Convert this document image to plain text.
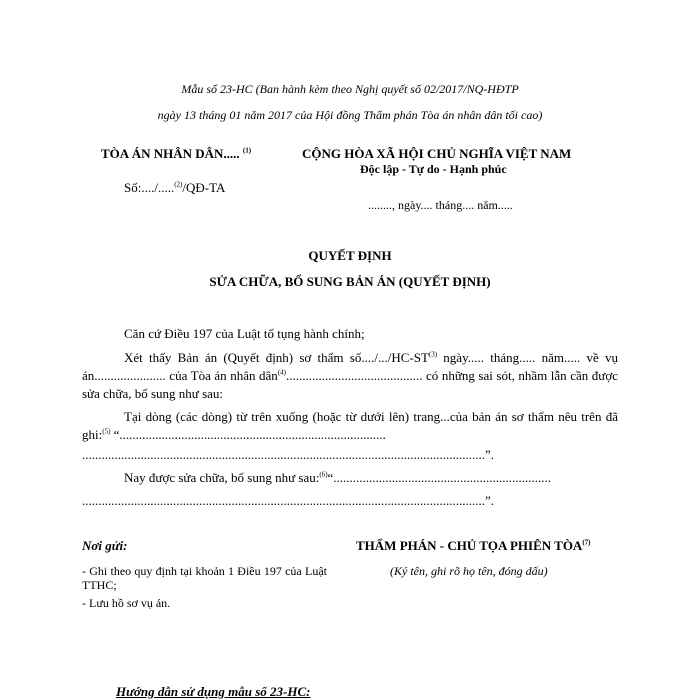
Mẫu số 23-HC (Ban hành kèm theo Nghị quyết số 02/2017/NQ-HĐTP
ngày 13 tháng 01 năm 2017 của Hội đồng Thẩm phán Tòa án nhân dân tối cao)
TÒA ÁN NHÂN DÂN..... $^{(1)}$
Số:..../.....$^{(2)}$/QĐ-TA
CỘNG HÒA XÃ HỘI CHỦ NGHĨA VIỆT NAM
Độc lập - Tự do - Hạnh phúc
........, ngày.... tháng.... năm.....
QUYẾT ĐỊNH
SỬA CHỮA, BỔ SUNG BẢN ÁN (QUYẾT ĐỊNH)
Căn cứ Điều 197 của Luật tố tụng hành chính;
Xét thấy Bản án (Quyết định) sơ thẩm số..../.../HC-ST$^{(3)}$ ngày..... tháng..... năm..... về vụ án...................... của Tòa án nhân dân$^{(4)}$.......................................... có những sai sót, nhầm lẫn cần được sửa chữa, bổ sung như sau:
Tại dòng (các dòng) từ trên xuống (hoặc từ dưới lên) trang...của bản án sơ thẩm nêu trên đã ghi:$^{(5)}$ “..................................................................................
............................................................................................................................”.
Nay được sửa chữa, bổ sung như sau:$^{(6)}$“...................................................................
............................................................................................................................”.
Nơi gửi:
- Ghi theo quy định tại khoản 1 Điều 197 của Luật TTHC;
- Lưu hồ sơ vụ án.
THẨM PHÁN - CHỦ TỌA PHIÊN TÒA$^{(7)}$
(Ký tên, ghi rõ họ tên, đóng dấu)
Hướng dẫn sử dụng mẫu số 23-HC:
